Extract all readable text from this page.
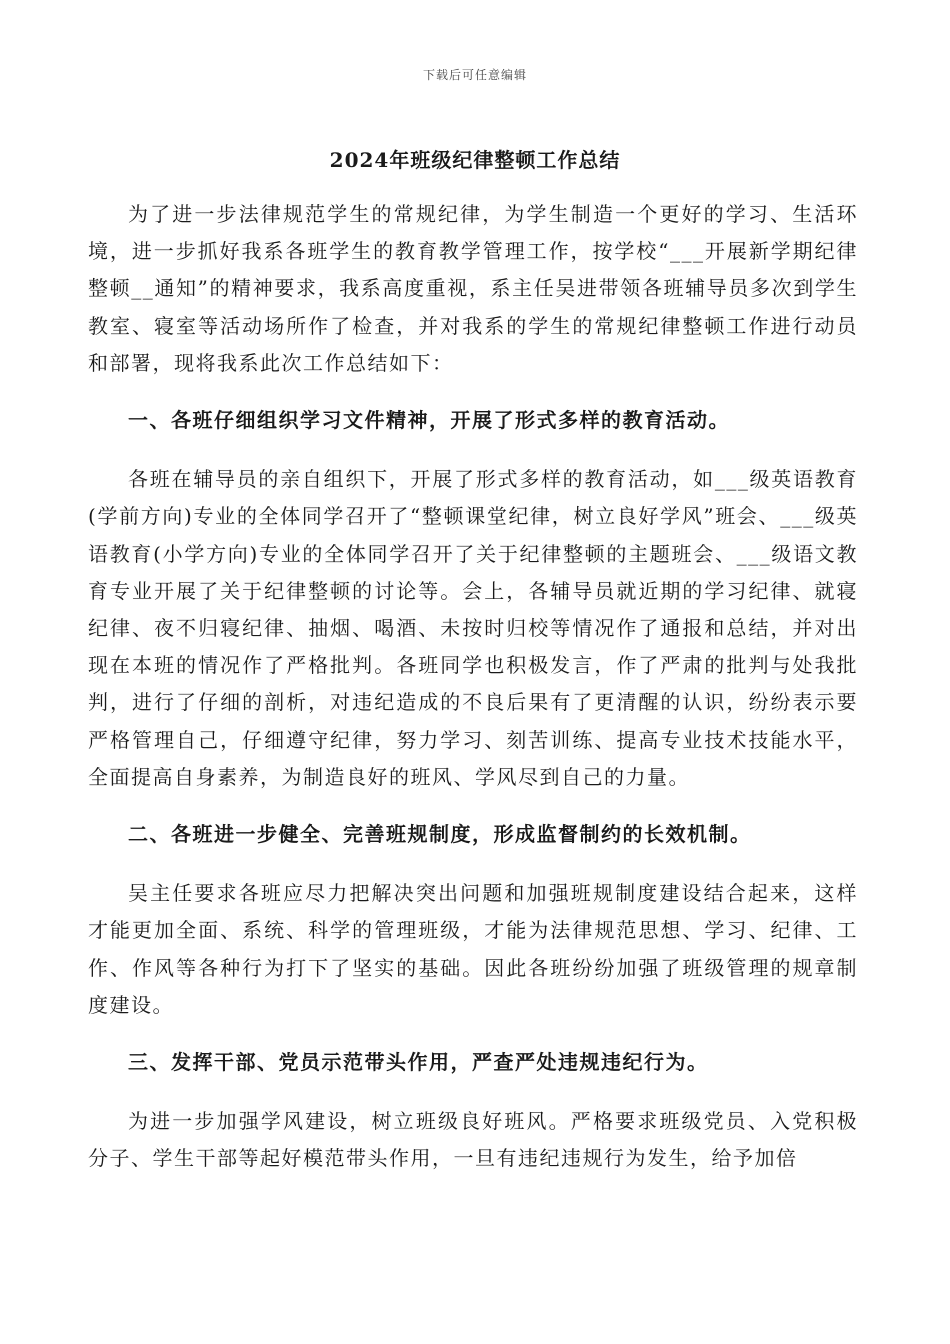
下载后可任意编辑
2024年班级纪律整顿工作总结

为了进一步法律规范学生的常规纪律，为学生制造一个更好的学习、生活环境，进一步抓好我系各班学生的教育教学管理工作，按学校“___开展新学期纪律整顿__通知”的精神要求，我系高度重视，系主任吴进带领各班辅导员多次到学生教室、寝室等活动场所作了检查，并对我系的学生的常规纪律整顿工作进行动员和部署，现将我系此次工作总结如下：

一、各班仔细组织学习文件精神，开展了形式多样的教育活动。

各班在辅导员的亲自组织下，开展了形式多样的教育活动，如___级英语教育(学前方向)专业的全体同学召开了“整顿课堂纪律，树立良好学风”班会、___级英语教育(小学方向)专业的全体同学召开了关于纪律整顿的主题班会、___级语文教育专业开展了关于纪律整顿的讨论等。会上，各辅导员就近期的学习纪律、就寝纪律、夜不归寝纪律、抽烟、喝酒、未按时归校等情况作了通报和总结，并对出现在本班的情况作了严格批判。各班同学也积极发言，作了严肃的批判与处我批判，进行了仔细的剖析，对违纪造成的不良后果有了更清醒的认识，纷纷表示要严格管理自己，仔细遵守纪律，努力学习、刻苦训练、提高专业技术技能水平，全面提高自身素养，为制造良好的班风、学风尽到自己的力量。

二、各班进一步健全、完善班规制度，形成监督制约的长效机制。

吴主任要求各班应尽力把解决突出问题和加强班规制度建设结合起来，这样才能更加全面、系统、科学的管理班级，才能为法律规范思想、学习、纪律、工作、作风等各种行为打下了坚实的基础。因此各班纷纷加强了班级管理的规章制度建设。

三、发挥干部、党员示范带头作用，严查严处违规违纪行为。

为进一步加强学风建设，树立班级良好班风。严格要求班级党员、入党积极分子、学生干部等起好模范带头作用，一旦有违纪违规行为发生，给予加倍
